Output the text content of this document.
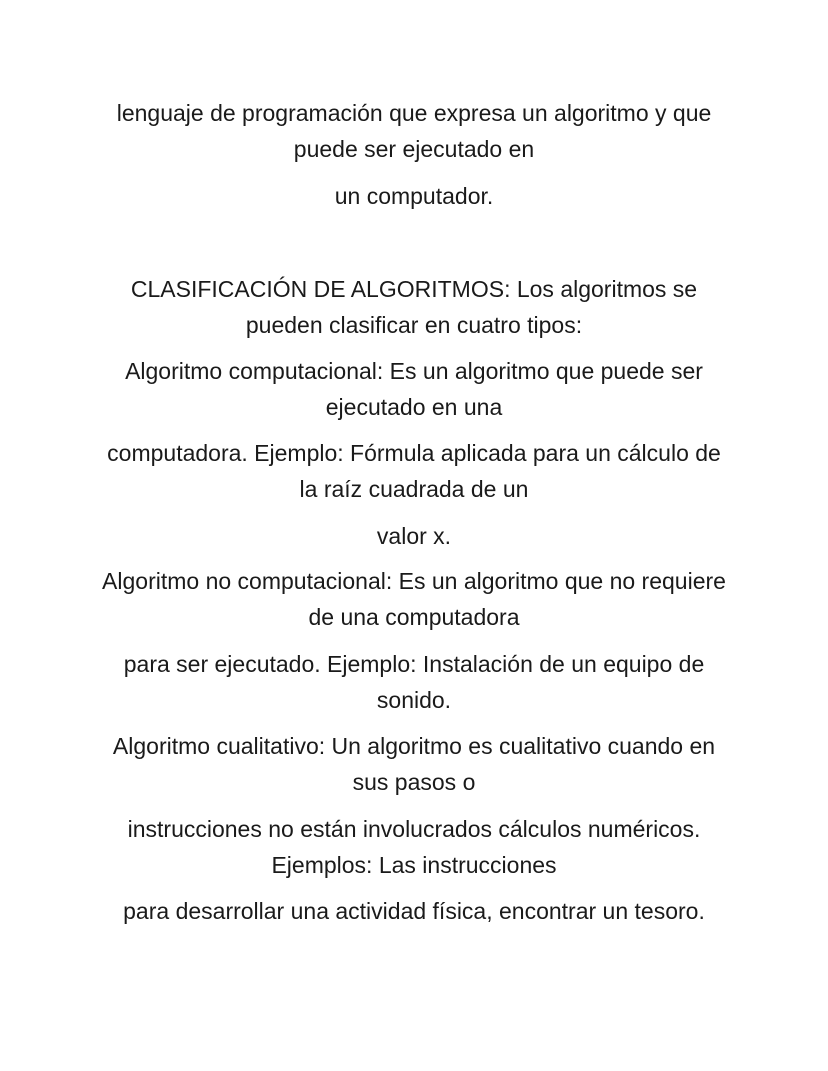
lenguaje de programación que expresa un algoritmo y que puede ser ejecutado en

un computador.

CLASIFICACIÓN DE ALGORITMOS: Los algoritmos se pueden clasificar en cuatro tipos:

Algoritmo computacional: Es un algoritmo que puede ser ejecutado en una

computadora. Ejemplo: Fórmula aplicada para un cálculo de la raíz cuadrada de un

valor x.

Algoritmo no computacional: Es un algoritmo que no requiere de una computadora

para ser ejecutado. Ejemplo: Instalación de un equipo de sonido.

Algoritmo cualitativo: Un algoritmo es cualitativo cuando en sus pasos o

instrucciones no están involucrados cálculos numéricos. Ejemplos: Las instrucciones

para desarrollar una actividad física, encontrar un tesoro.
